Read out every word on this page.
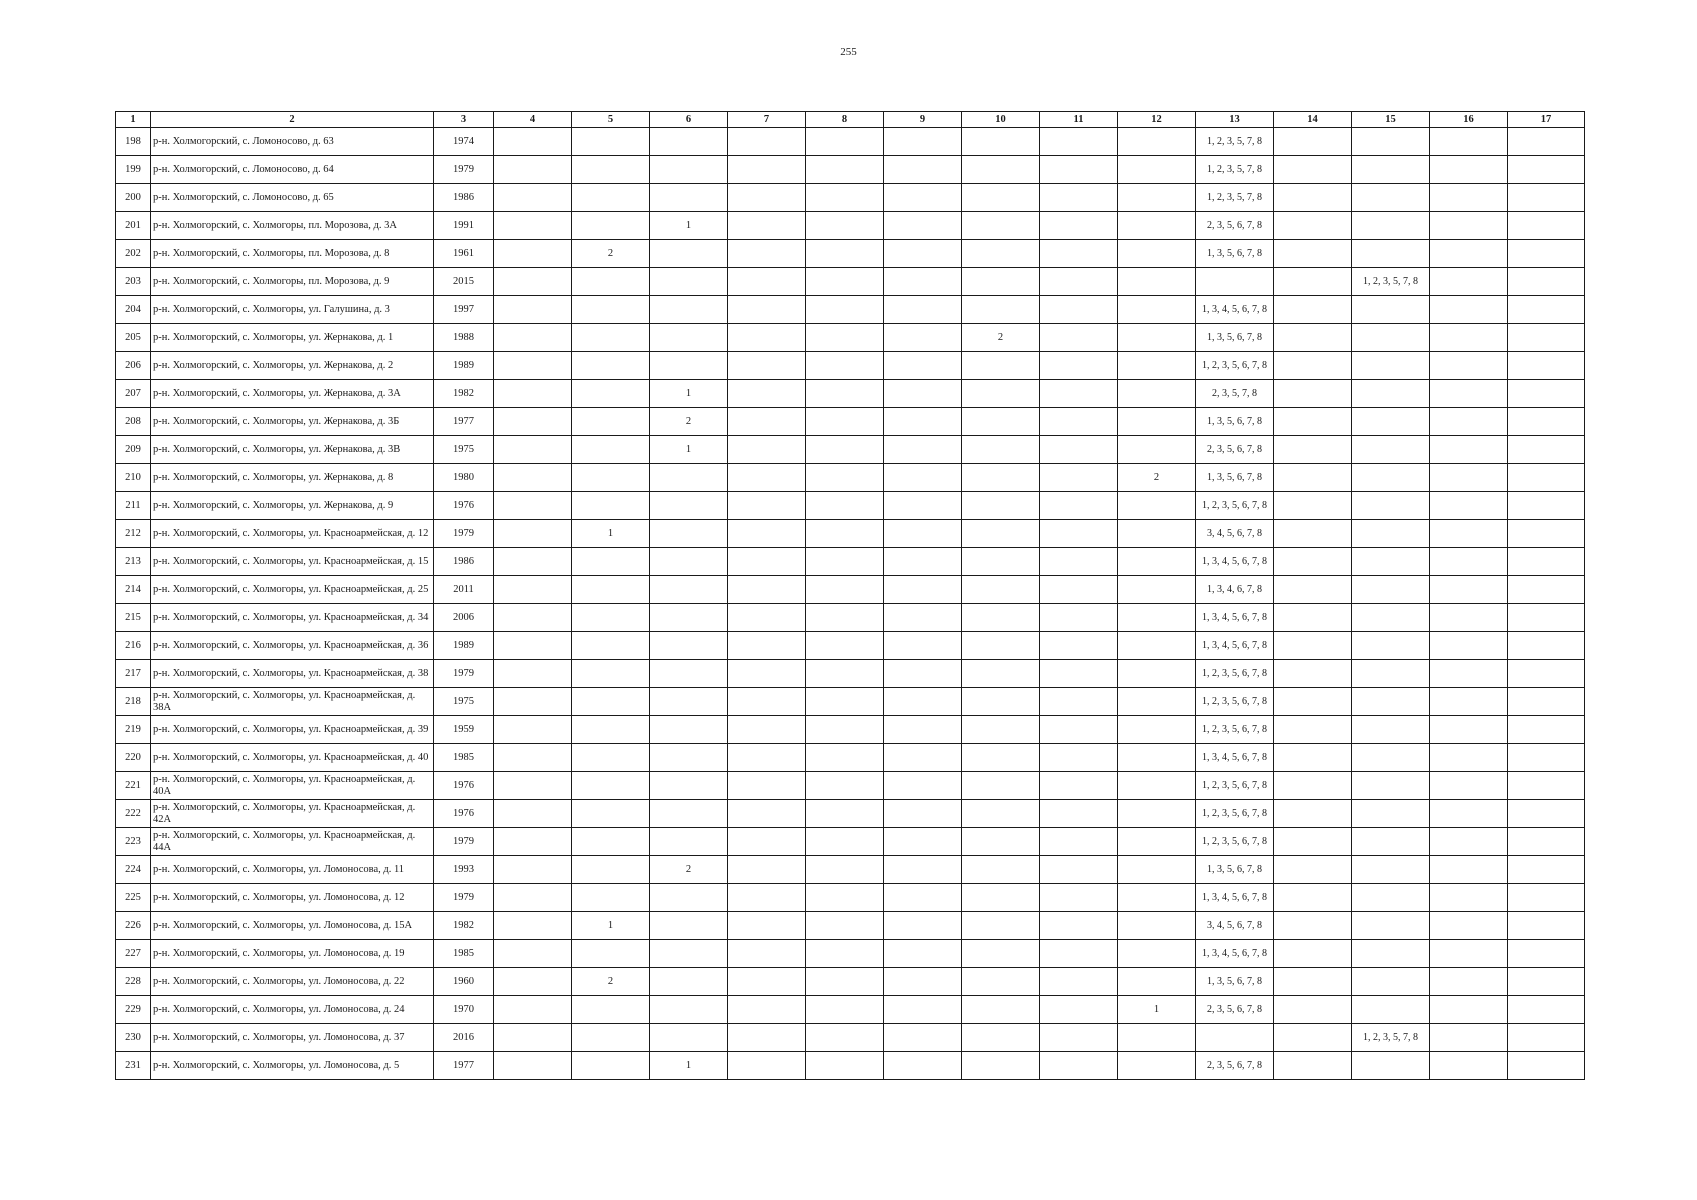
255
1	2	3	4	5	6	7	8	9	10	11	12	13	14	15	16	17
198	р-н. Холмогорский, с. Ломоносово, д. 63	1974										1, 2, 3, 5, 7, 8				
199	р-н. Холмогорский, с. Ломоносово, д. 64	1979										1, 2, 3, 5, 7, 8				
200	р-н. Холмогорский, с. Ломоносово, д. 65	1986										1, 2, 3, 5, 7, 8				
201	р-н. Холмогорский, с. Холмогоры, пл. Морозова, д. 3А	1991			1							2, 3, 5, 6, 7, 8				
202	р-н. Холмогорский, с. Холмогоры, пл. Морозова, д. 8	1961		2								1, 3, 5, 6, 7, 8				
203	р-н. Холмогорский, с. Холмогоры, пл. Морозова, д. 9	2015												1, 2, 3, 5, 7, 8		
204	р-н. Холмогорский, с. Холмогоры, ул. Галушина, д. 3	1997										1, 3, 4, 5, 6, 7, 8				
205	р-н. Холмогорский, с. Холмогоры, ул. Жернакова, д. 1	1988							2			1, 3, 5, 6, 7, 8				
206	р-н. Холмогорский, с. Холмогоры, ул. Жернакова, д. 2	1989										1, 2, 3, 5, 6, 7, 8				
207	р-н. Холмогорский, с. Холмогоры, ул. Жернакова, д. 3А	1982			1							2, 3, 5, 7, 8				
208	р-н. Холмогорский, с. Холмогоры, ул. Жернакова, д. 3Б	1977			2							1, 3, 5, 6, 7, 8				
209	р-н. Холмогорский, с. Холмогоры, ул. Жернакова, д. 3В	1975			1							2, 3, 5, 6, 7, 8				
210	р-н. Холмогорский, с. Холмогоры, ул. Жернакова, д. 8	1980									2	1, 3, 5, 6, 7, 8				
211	р-н. Холмогорский, с. Холмогоры, ул. Жернакова, д. 9	1976										1, 2, 3, 5, 6, 7, 8				
212	р-н. Холмогорский, с. Холмогоры, ул. Красноармейская, д. 12	1979		1								3, 4, 5, 6, 7, 8				
213	р-н. Холмогорский, с. Холмогоры, ул. Красноармейская, д. 15	1986										1, 3, 4, 5, 6, 7, 8				
214	р-н. Холмогорский, с. Холмогоры, ул. Красноармейская, д. 25	2011										1, 3, 4, 6, 7, 8				
215	р-н. Холмогорский, с. Холмогоры, ул. Красноармейская, д. 34	2006										1, 3, 4, 5, 6, 7, 8				
216	р-н. Холмогорский, с. Холмогоры, ул. Красноармейская, д. 36	1989										1, 3, 4, 5, 6, 7, 8				
217	р-н. Холмогорский, с. Холмогоры, ул. Красноармейская, д. 38	1979										1, 2, 3, 5, 6, 7, 8				
218	р-н. Холмогорский, с. Холмогоры, ул. Красноармейская, д. 38А	1975										1, 2, 3, 5, 6, 7, 8				
219	р-н. Холмогорский, с. Холмогоры, ул. Красноармейская, д. 39	1959										1, 2, 3, 5, 6, 7, 8				
220	р-н. Холмогорский, с. Холмогоры, ул. Красноармейская, д. 40	1985										1, 3, 4, 5, 6, 7, 8				
221	р-н. Холмогорский, с. Холмогоры, ул. Красноармейская, д. 40А	1976										1, 2, 3, 5, 6, 7, 8				
222	р-н. Холмогорский, с. Холмогоры, ул. Красноармейская, д. 42А	1976										1, 2, 3, 5, 6, 7, 8				
223	р-н. Холмогорский, с. Холмогоры, ул. Красноармейская, д. 44А	1979										1, 2, 3, 5, 6, 7, 8				
224	р-н. Холмогорский, с. Холмогоры, ул. Ломоносова, д. 11	1993			2							1, 3, 5, 6, 7, 8				
225	р-н. Холмогорский, с. Холмогоры, ул. Ломоносова, д. 12	1979										1, 3, 4, 5, 6, 7, 8				
226	р-н. Холмогорский, с. Холмогоры, ул. Ломоносова, д. 15А	1982		1								3, 4, 5, 6, 7, 8				
227	р-н. Холмогорский, с. Холмогоры, ул. Ломоносова, д. 19	1985										1, 3, 4, 5, 6, 7, 8				
228	р-н. Холмогорский, с. Холмогоры, ул. Ломоносова, д. 22	1960		2								1, 3, 5, 6, 7, 8				
229	р-н. Холмогорский, с. Холмогоры, ул. Ломоносова, д. 24	1970									1	2, 3, 5, 6, 7, 8				
230	р-н. Холмогорский, с. Холмогоры, ул. Ломоносова, д. 37	2016												1, 2, 3, 5, 7, 8		
231	р-н. Холмогорский, с. Холмогоры, ул. Ломоносова, д. 5	1977			1							2, 3, 5, 6, 7, 8				
